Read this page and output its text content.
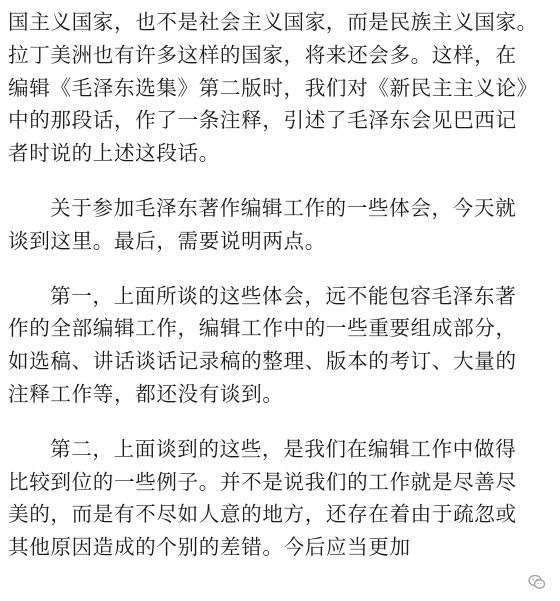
国主义国家，也不是社会主义国家，而是民族主义国家。
拉丁美洲也有许多这样的国家，将来还会多。这样，在
编辑《毛泽东选集》第二版时，我们对《新民主主义论》
中的那段话，作了一条注释，引述了毛泽东会见巴西记
者时说的上述这段话。
关于参加毛泽东著作编辑工作的一些体会，今天就
谈到这里。最后，需要说明两点。
第一，上面所谈的这些体会，远不能包容毛泽东著
作的全部编辑工作，编辑工作中的一些重要组成部分，
如选稿、讲话谈话记录稿的整理、版本的考订、大量的
注释工作等，都还没有谈到。
第二，上面谈到的这些，是我们在编辑工作中做得
比较到位的一些例子。并不是说我们的工作就是尽善尽
美的，而是有不尽如人意的地方，还存在着由于疏忽或
其他原因造成的个别的差错。今后应当更加
